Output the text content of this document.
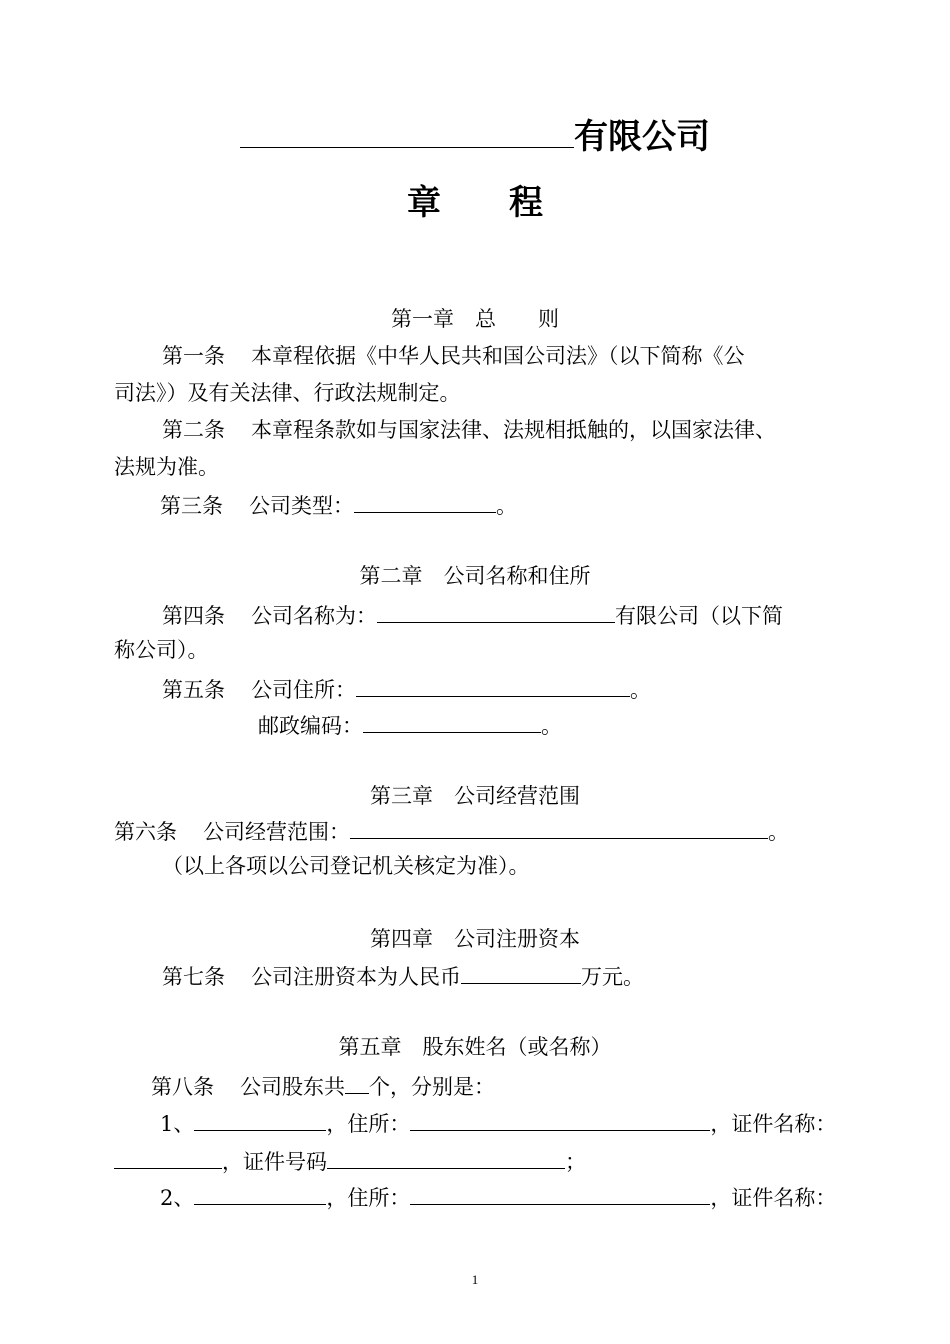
有限公司
章　　程
第一章　总　　则
第一条 本章程依据《中华人民共和国公司法》（以下简称《公
司法》）及有关法律、行政法规制定。
第二条 本章程条款如与国家法律、法规相抵触的，以国家法律、
法规为准。
第三条 公司类型：	。
第二章　公司名称和住所
第四条 公司名称为：	有限公司（以下简
称公司）。
第五条 公司住所：	。
邮政编码：	。
第三章　公司经营范围
第六条 公司经营范围：	。
（以上各项以公司登记机关核定为准）。
第四章　公司注册资本
第七条 公司注册资本为人民币	万元。
第五章　股东姓名（或名称）
第八条 公司股东共 个，分别是：
1、	，住所：	，证件名称：
，证件号码	；
2、	，住所：	，证件名称：
1
